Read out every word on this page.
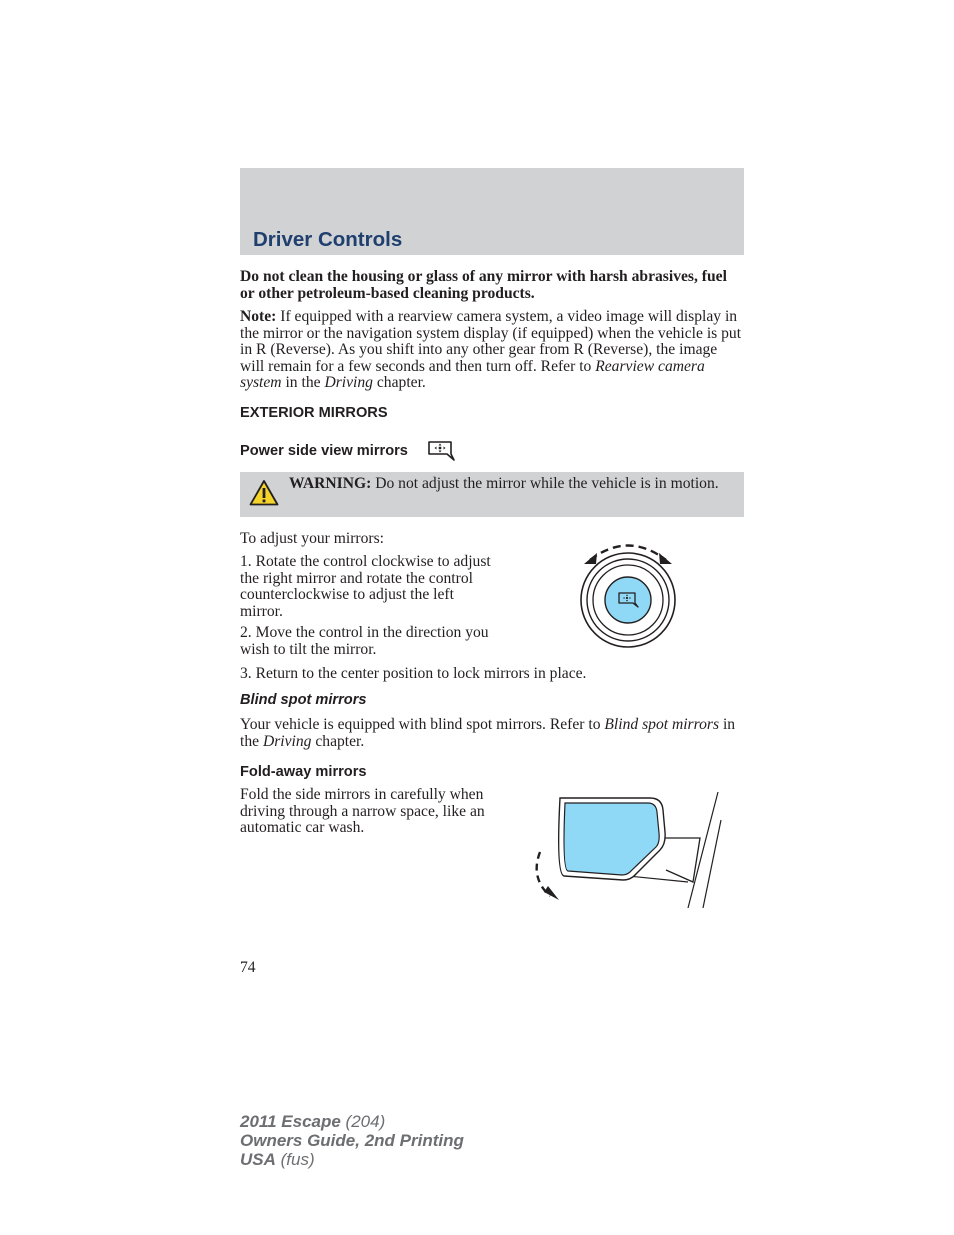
Driver Controls

Do not clean the housing or glass of any mirror with harsh abrasives, fuel or other petroleum-based cleaning products.

Note: If equipped with a rearview camera system, a video image will display in the mirror or the navigation system display (if equipped) when the vehicle is put in R (Reverse). As you shift into any other gear from R (Reverse), the image will remain for a few seconds and then turn off. Refer to Rearview camera system in the Driving chapter.

EXTERIOR MIRRORS
Power side view mirrors

WARNING: Do not adjust the mirror while the vehicle is in motion.

To adjust your mirrors:

1. Rotate the control clockwise to adjust the right mirror and rotate the control counterclockwise to adjust the left mirror.

2. Move the control in the direction you wish to tilt the mirror.

3. Return to the center position to lock mirrors in place.

Blind spot mirrors

Your vehicle is equipped with blind spot mirrors. Refer to Blind spot mirrors in the Driving chapter.

Fold-away mirrors

Fold the side mirrors in carefully when driving through a narrow space, like an automatic car wash.

74
2011 Escape (204)
Owners Guide, 2nd Printing
USA (fus)
